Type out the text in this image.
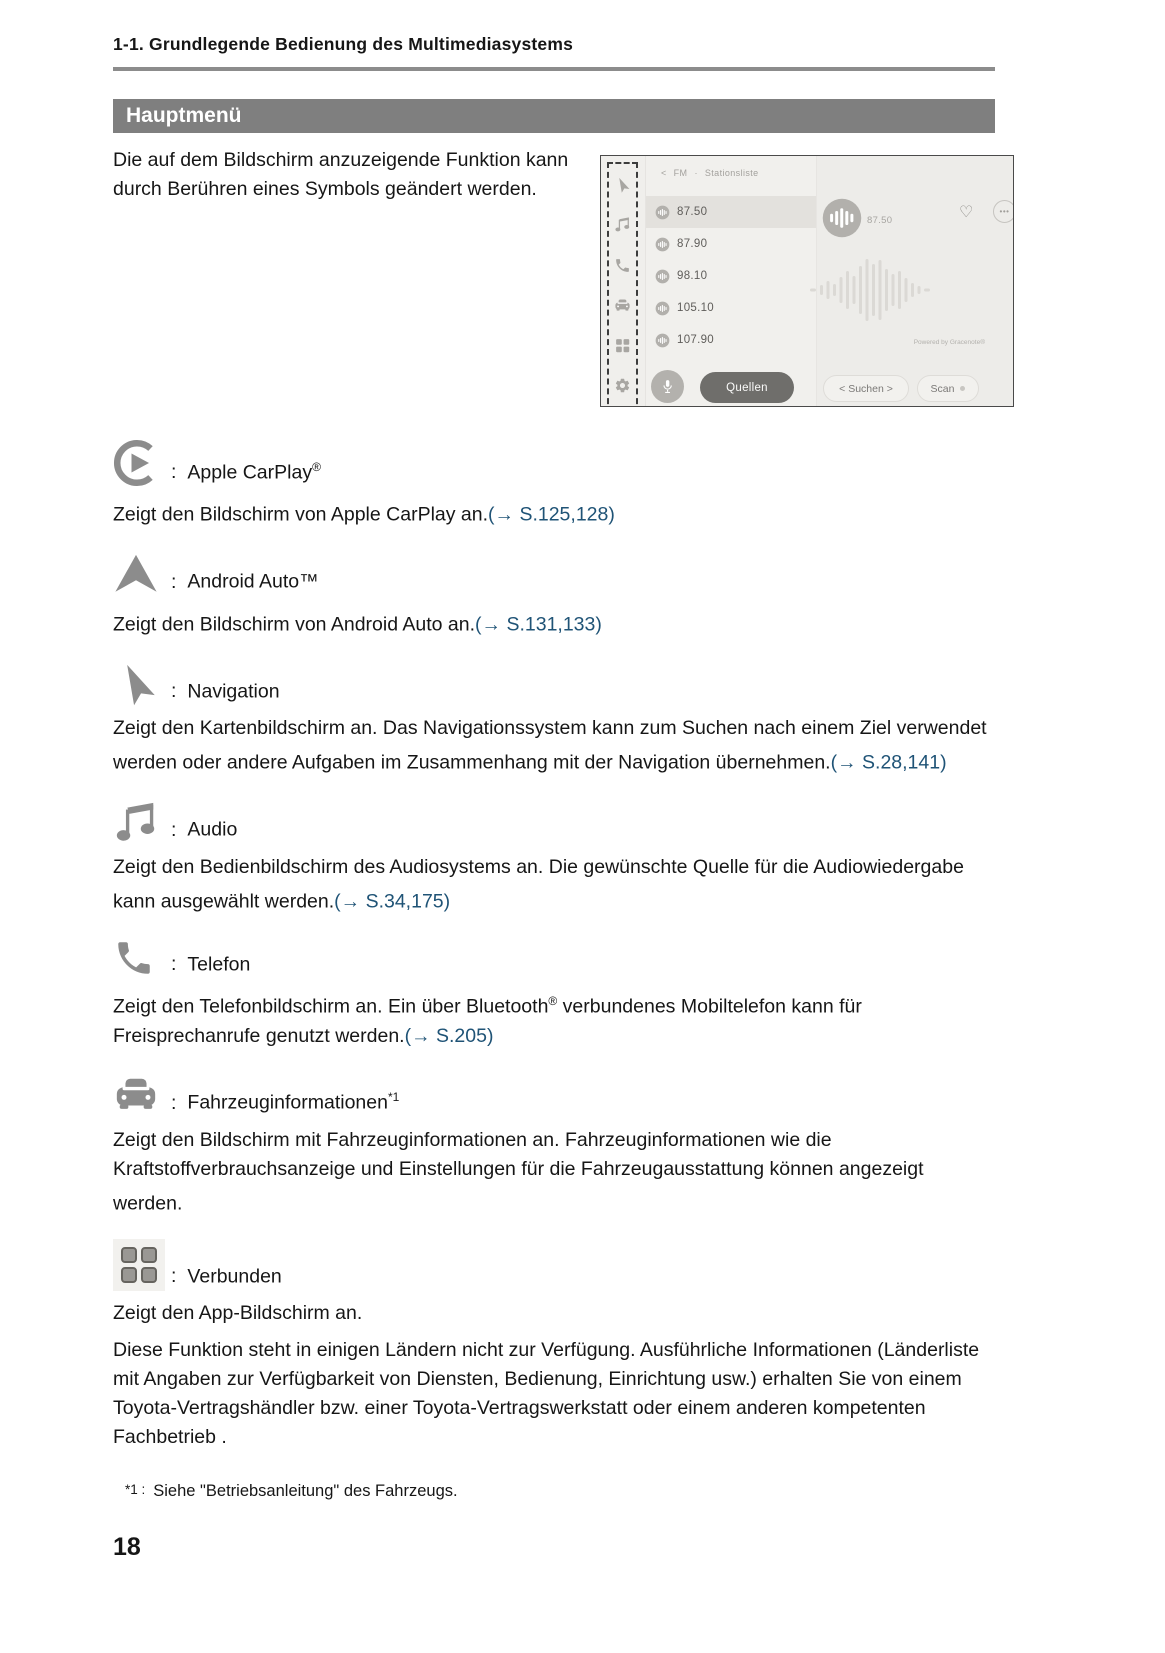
1-1. Grundlegende Bedienung des Multimediasystems
Hauptmenü

Die auf dem Bildschirm anzuzeigende Funktion kann durch Berühren eines Symbols geändert werden.

< FM · Stationsliste
87.50
87.90
98.10
105.10
107.90
Quellen
87.50	♡	•••
Powered by Gracenote®
< Suchen >	Scan
: Apple CarPlay®

Zeigt den Bildschirm von Apple CarPlay an.(→ S.125,128)

: Android Auto™

Zeigt den Bildschirm von Android Auto an.(→ S.131,133)

: Navigation

Zeigt den Kartenbildschirm an. Das Navigationssystem kann zum Suchen nach einem Ziel verwendet werden oder andere Aufgaben im Zusammenhang mit der Navigation übernehmen.(→ S.28,141)

: Audio

Zeigt den Bedienbildschirm des Audiosystems an. Die gewünschte Quelle für die Audiowiedergabe kann ausgewählt werden.(→ S.34,175)

: Telefon

Zeigt den Telefonbildschirm an. Ein über Bluetooth® verbundenes Mobiltelefon kann für Freisprechanrufe genutzt werden.(→ S.205)

: Fahrzeuginformationen$^{*1}$

Zeigt den Bildschirm mit Fahrzeuginformationen an. Fahrzeuginformationen wie die Kraftstoffverbrauchsanzeige und Einstellungen für die Fahrzeugausstattung können angezeigt werden.

: Verbunden

Zeigt den App-Bildschirm an.

Diese Funktion steht in einigen Ländern nicht zur Verfügung. Ausführliche Informationen (Länderliste mit Angaben zur Verfügbarkeit von Diensten, Bedienung, Einrichtung usw.) erhalten Sie von einem Toyota-Vertragshändler bzw. einer Toyota-Vertragswerkstatt oder einem anderen kompetenten Fachbetrieb .

*1 : Siehe "Betriebsanleitung" des Fahrzeugs.
18
